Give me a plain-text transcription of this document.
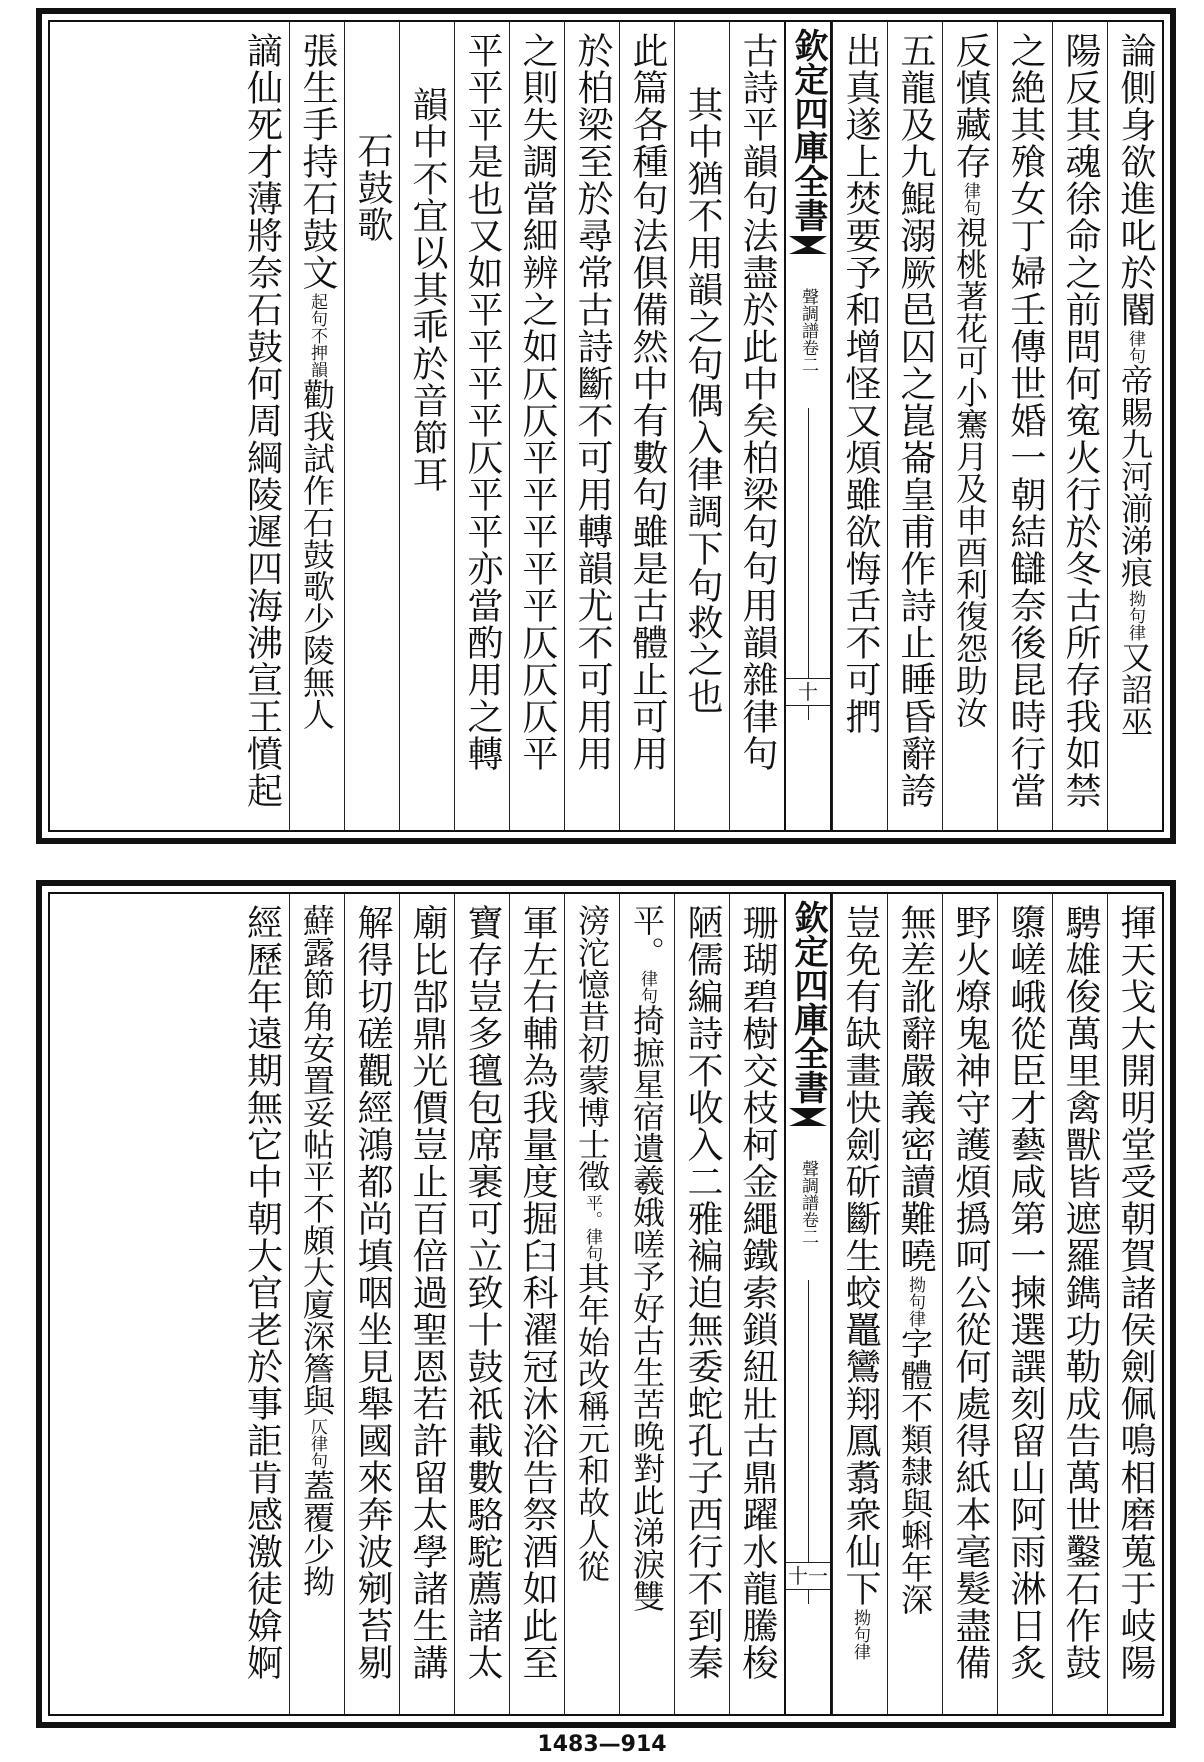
論側身欲進叱於閽
律句
帝賜九河湔涕痕
拗句律
又詔巫
陽反其魂徐命之前問何寃火行於冬古所存我如禁
之絶其飱女丁婦壬傳世婚一朝結讎奈後昆時行當
反慎藏存
律句
視桃著花可小騫月及申酉利復怨助汝
五龍及九鯤溺厥邑囚之崑崙皇甫作詩止睡昏辭誇
出真遂上焚要予和增怪又煩雖欲悔舌不可捫
欽定四庫全書
聲調譜卷二
十
古詩平韻句法盡於此中矣柏梁句句用韻雜律句
其中猶不用韻之句偶入律調下句救之也
此篇各種句法俱備然中有數句雖是古體止可用
於柏梁至於尋常古詩斷不可用轉韻尤不可用用
之則失調當細辨之如仄仄平平平平平仄仄仄平
平平平是也又如平平平平仄平平亦當酌用之轉
韻中不宜以其乖於音節耳
石鼓歌
張生手持石鼓文
起句不押韻
勸我試作石鼓歌少陵無人
謫仙死才薄將奈石鼓何周綱陵遲四海沸宣王憤起
揮天戈大開明堂受朝賀諸侯劍佩鳴相磨蒐于岐陽
騁雄俊萬里禽獸皆遮羅鐫功勒成告萬世鑿石作鼓
隳嵯峨從臣才藝咸第一揀選譔刻留山阿雨淋日炙
野火燎鬼神守護煩撝呵公從何處得紙本毫髮盡備
無差訛辭嚴義密讀難曉
拗句律
字體不類隸與蝌年深
豈免有缺畫快劍斫斷生蛟鼉鸞翔鳳翥衆仙下
拗句律
欽定四庫全書
聲調譜卷二
十一
珊瑚碧樹交枝柯金繩鐵索鎖紐壯古鼎躍水龍騰梭
陋儒編詩不收入二雅褊迫無委蛇孔子西行不到秦
平。
律句
掎摭星宿遺羲娥嗟予好古生苦晚對此涕淚雙
滂沱憶昔初蒙博士徵
平。律句
其年始改稱元和故人從
軍左右輔為我量度掘臼科濯冠沐浴告祭酒如此至
寶存豈多氊包席裹可立致十鼓祇載數駱駝薦諸太
廟比郜鼎光價豈止百倍過聖恩若許留太學諸生講
解得切磋觀經鴻都尚填咽坐見舉國來奔波剜苔剔
蘚露節角安置妥帖平不頗大廈深簷與
仄律句
蓋覆少拗
經歷年遠期無它中朝大官老於事詎肯感激徒媕婀
1483—914
